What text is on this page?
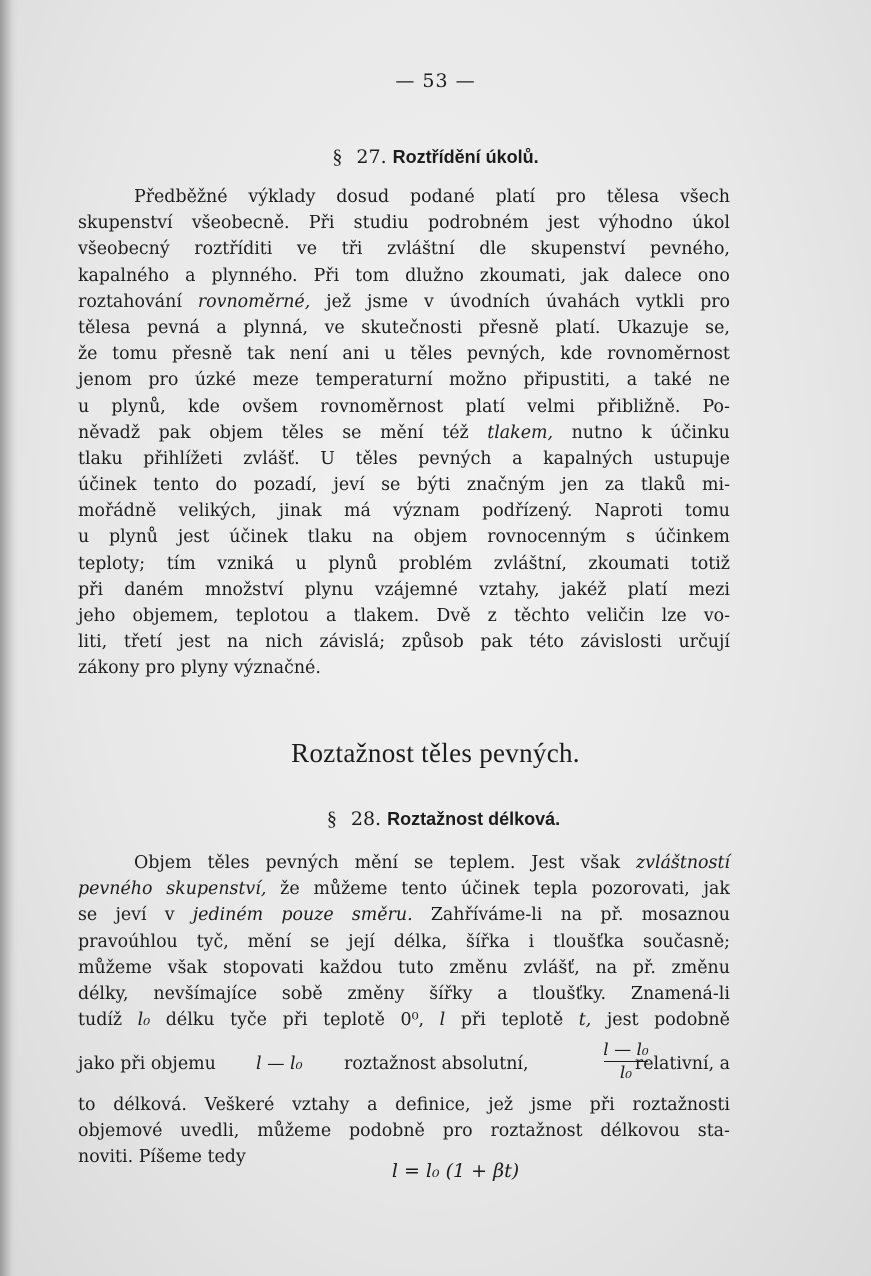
— 53 —
§ 27. Roztřídění úkolů.
Předběžné výklady dosud podané platí pro tělesa všech
skupenství všeobecně. Při studiu podrobném jest výhodno úkol
všeobecný roztříditi ve tři zvláštní dle skupenství pevného,
kapalného a plynného. Při tom dlužno zkoumati, jak dalece ono
roztahování rovnoměrné, jež jsme v úvodních úvahách vytkli pro
tělesa pevná a plynná, ve skutečnosti přesně platí. Ukazuje se,
že tomu přesně tak není ani u těles pevných, kde rovnoměrnost
jenom pro úzké meze temperaturní možno připustiti, a také ne
u plynů, kde ovšem rovnoměrnost platí velmi přibližně. Po-
něvadž pak objem těles se mění též tlakem, nutno k účinku
tlaku přihlížeti zvlášť. U těles pevných a kapalných ustupuje
účinek tento do pozadí, jeví se býti značným jen za tlaků mi-
mořádně velikých, jinak má význam podřízený. Naproti tomu
u plynů jest účinek tlaku na objem rovnocenným s účinkem
teploty; tím vzniká u plynů problém zvláštní, zkoumati totiž
při daném množství plynu vzájemné vztahy, jakéž platí mezi
jeho objemem, teplotou a tlakem. Dvě z těchto veličin lze vo-
liti, třetí jest na nich závislá; způsob pak této závislosti určují
zákony pro plyny význačné.
Roztažnost těles pevných.
§ 28. Roztažnost délková.
Objem těles pevných mění se teplem. Jest však zvláštností
pevného skupenství, že můžeme tento účinek tepla pozorovati, jak
se jeví v jediném pouze směru. Zahříváme-li na př. mosaznou
pravoúhlou tyč, mění se její délka, šířka i tloušťka současně;
můžeme však stopovati každou tuto změnu zvlášť, na př. změnu
délky, nevšímajíce sobě změny šířky a tloušťky. Znamená-li
tudíž l₀ délku tyče při teplotě 0⁰, l při teplotě t, jest podobně
jako při objemu l — l₀ roztažnost absolutní,
l — l₀
l₀ relativní, a
to délková. Veškeré vztahy a definice, jež jsme při roztažnosti
objemové uvedli, můžeme podobně pro roztažnost délkovou sta-
noviti. Píšeme tedy
l = l₀ (1 + βt)
